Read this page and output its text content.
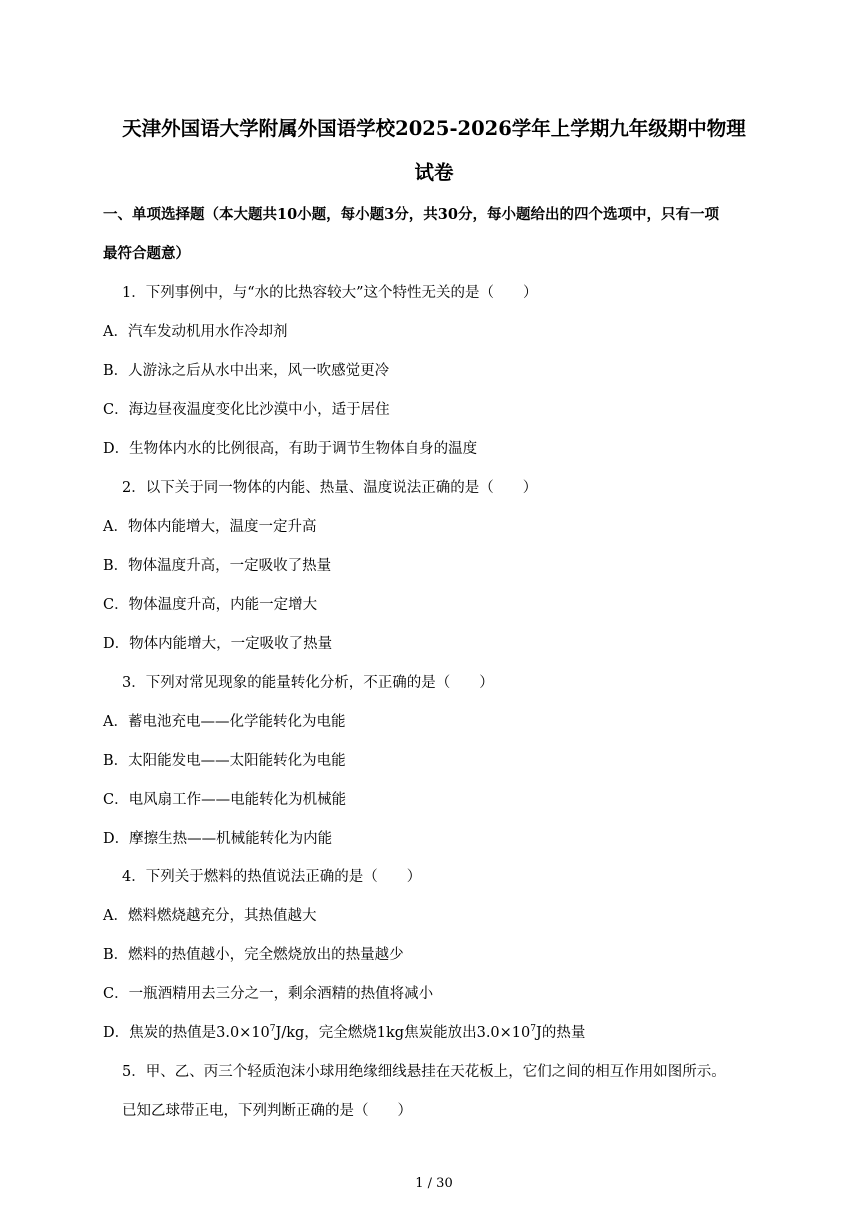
天津外国语大学附属外国语学校2025-2026学年上学期九年级期中物理
试卷
一、单项选择题（本大题共10小题，每小题3分，共30分，每小题给出的四个选项中，只有一项
最符合题意）
1．下列事例中，与“水的比热容较大”这个特性无关的是（　　）
A．汽车发动机用水作冷却剂
B．人游泳之后从水中出来，风一吹感觉更冷
C．海边昼夜温度变化比沙漠中小，适于居住
D．生物体内水的比例很高，有助于调节生物体自身的温度
2．以下关于同一物体的内能、热量、温度说法正确的是（　　）
A．物体内能增大，温度一定升高
B．物体温度升高，一定吸收了热量
C．物体温度升高，内能一定增大
D．物体内能增大，一定吸收了热量
3．下列对常见现象的能量转化分析，不正确的是（　　）
A．蓄电池充电——化学能转化为电能
B．太阳能发电——太阳能转化为电能
C．电风扇工作——电能转化为机械能
D．摩擦生热——机械能转化为内能
4．下列关于燃料的热值说法正确的是（　　）
A．燃料燃烧越充分，其热值越大
B．燃料的热值越小，完全燃烧放出的热量越少
C．一瓶酒精用去三分之一，剩余酒精的热值将减小
D．焦炭的热值是$3.0\times 10^7J/kg$，完全燃烧1kg焦炭能放出$3.0\times 10^7J$的热量
5．甲、乙、丙三个轻质泡沫小球用绝缘细线悬挂在天花板上，它们之间的相互作用如图所示。
已知乙球带正电，下列判断正确的是（　　）
1 / 30
